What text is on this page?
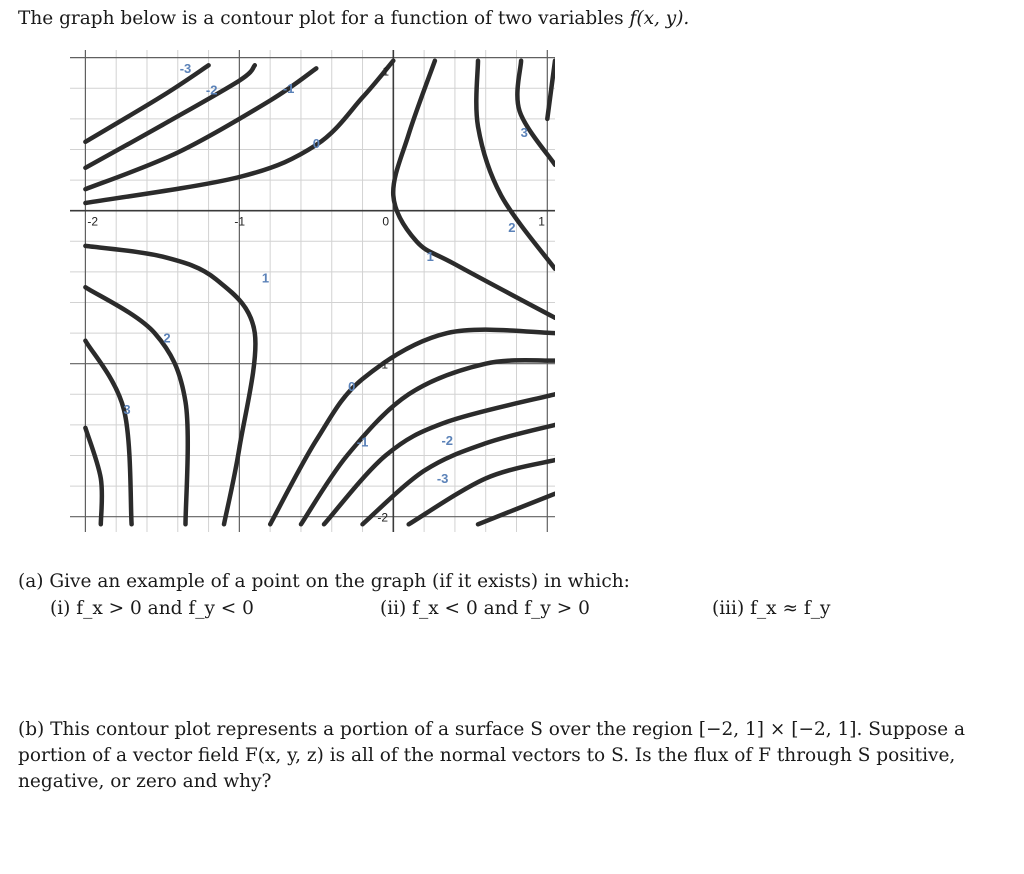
The graph below is a contour plot for a function of two variables f(x, y).
-2	-1	0	1
1
-1
-2
-3
-2	-1
0
3
2
1
1
2
3
0
-1	-2
-3
(a) Give an example of a point on the graph (if it exists) in which:
(i) f_x > 0 and f_y < 0	(ii) f_x < 0 and f_y > 0	(iii) f_x ≈ f_y
(b) This contour plot represents a portion of a surface S over the region [−2, 1] × [−2, 1]. Suppose a portion of a vector field F(x, y, z) is all of the normal vectors to S. Is the flux of F through S positive, negative, or zero and why?
